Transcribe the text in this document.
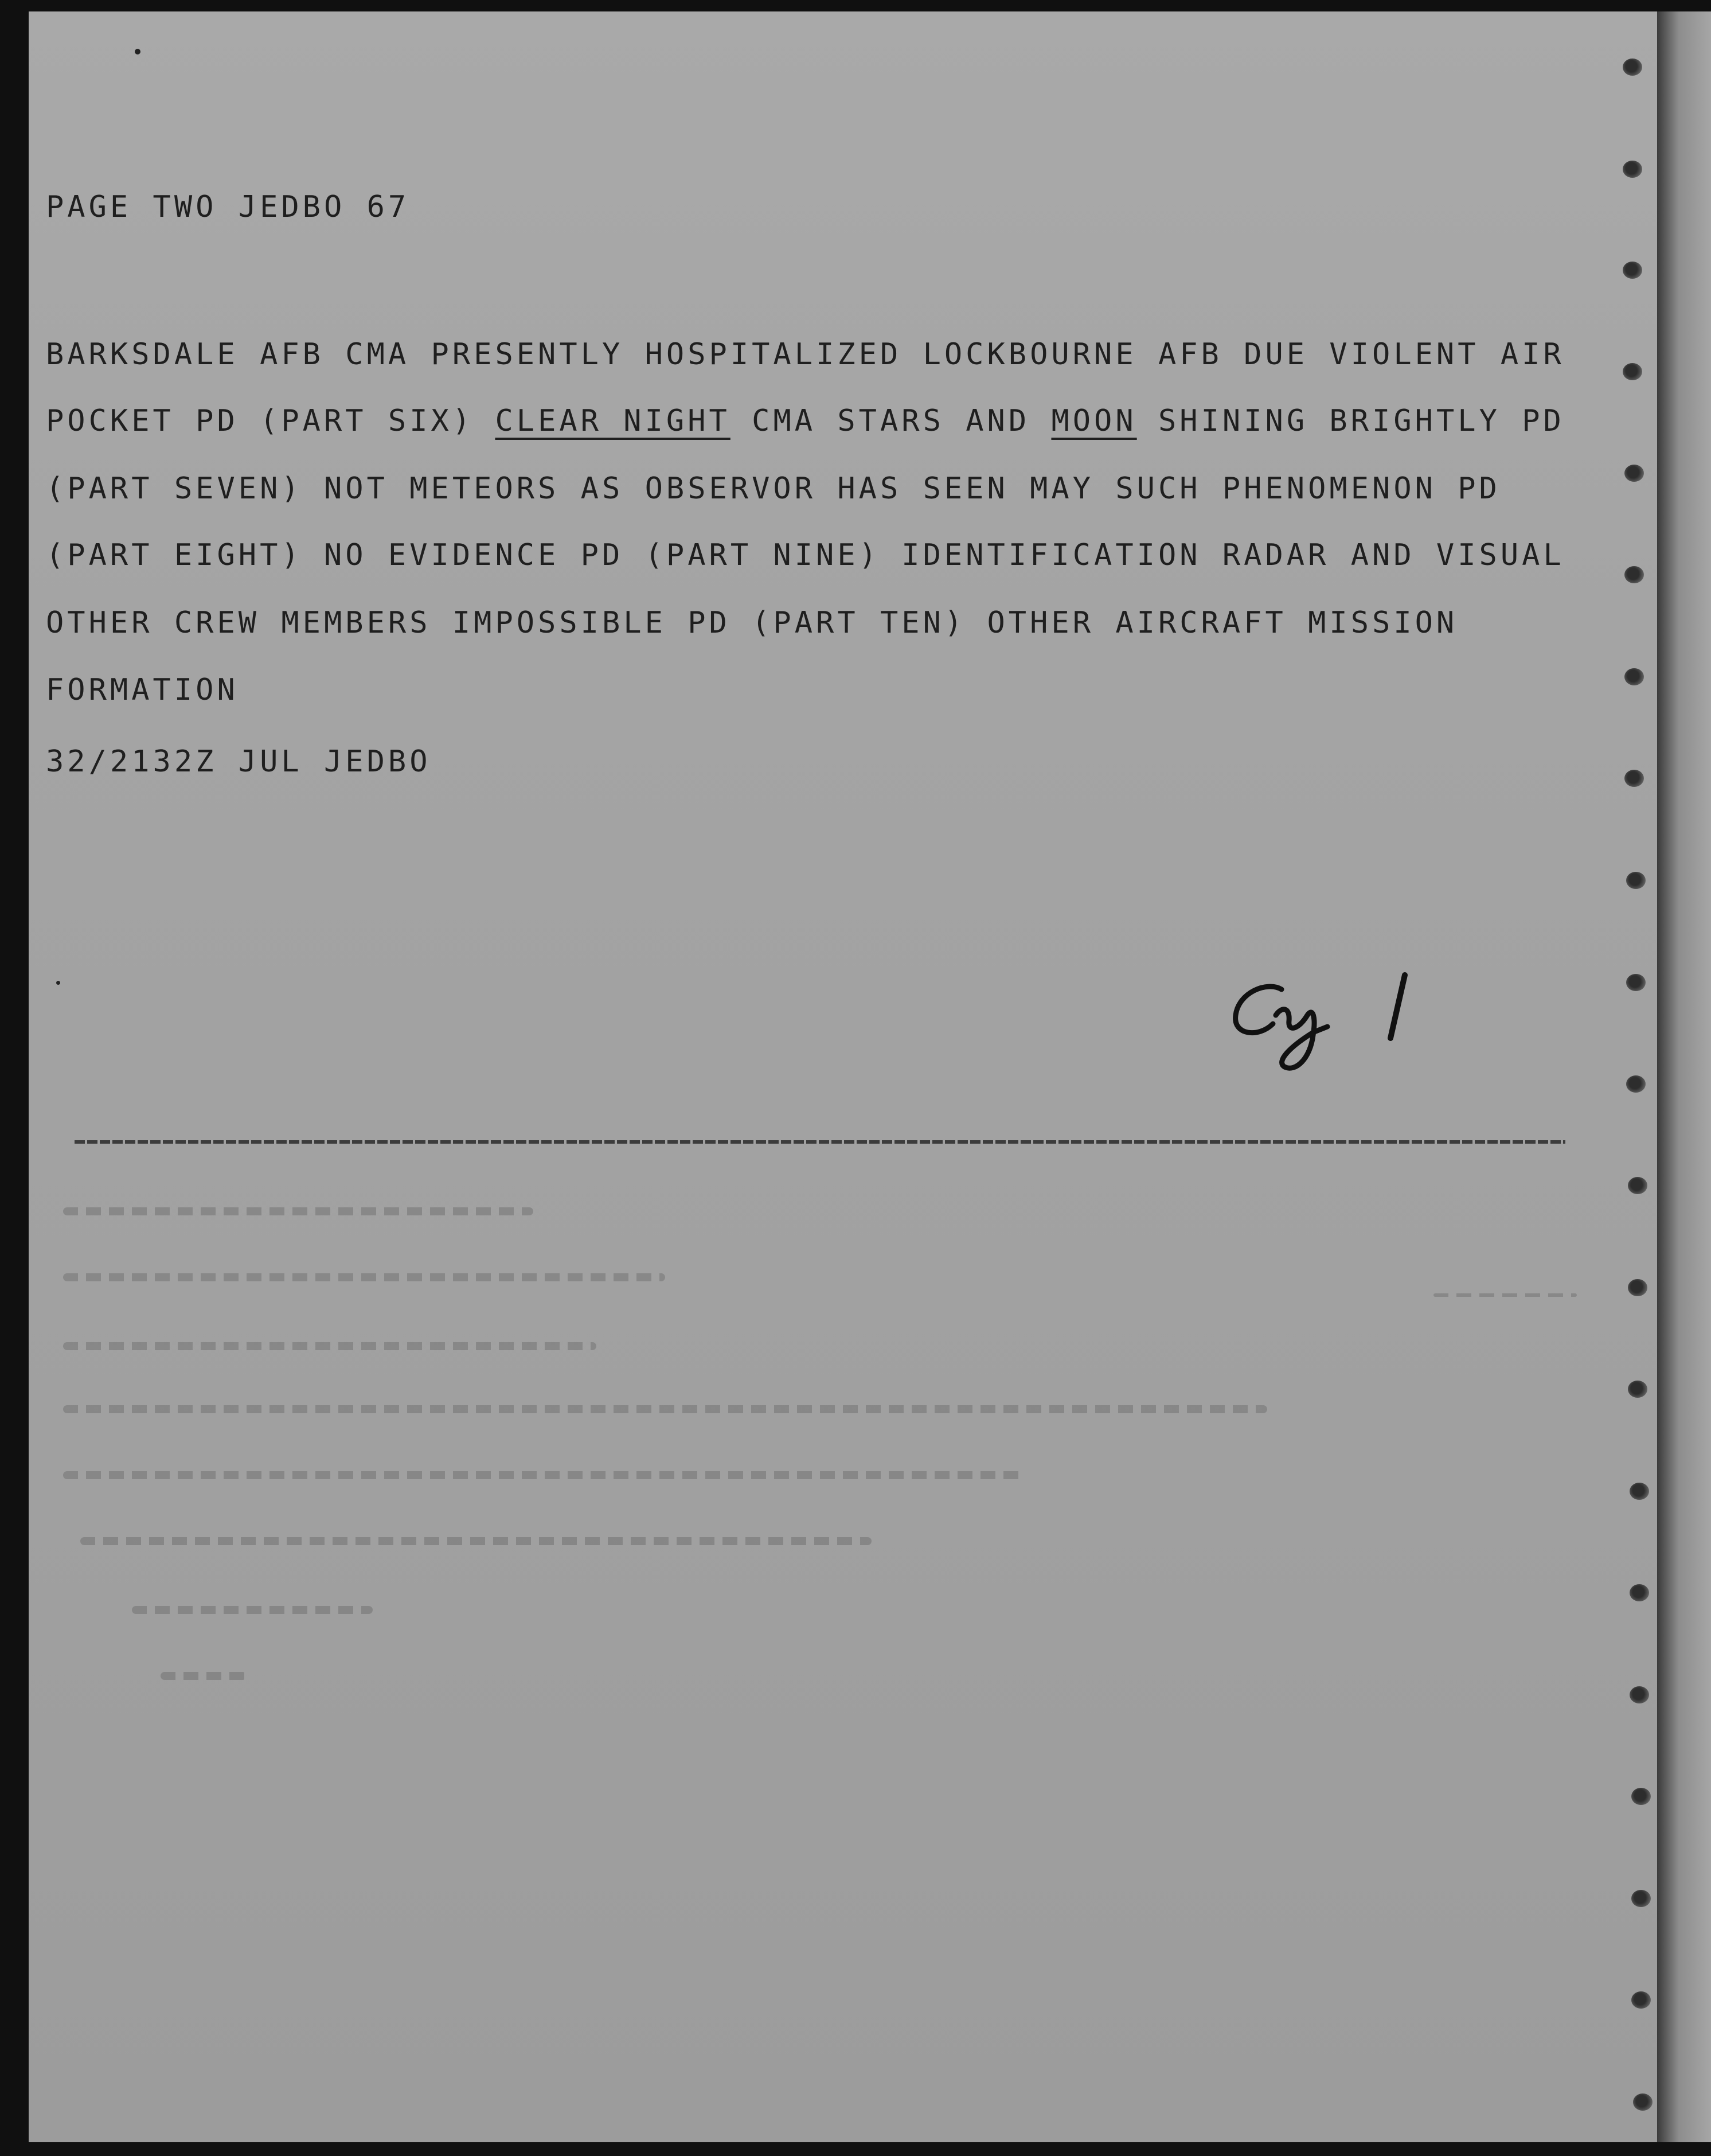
PAGE TWO JEDBO 67
BARKSDALE AFB CMA PRESENTLY HOSPITALIZED LOCKBOURNE AFB DUE VIOLENT AIR
POCKET PD (PART SIX) CLEAR NIGHT CMA STARS AND MOON SHINING BRIGHTLY PD
(PART SEVEN) NOT METEORS AS OBSERVOR HAS SEEN MAY SUCH PHENOMENON PD
(PART EIGHT) NO EVIDENCE PD (PART NINE) IDENTIFICATION RADAR AND VISUAL
OTHER CREW MEMBERS IMPOSSIBLE PD (PART TEN) OTHER AIRCRAFT MISSION
FORMATION
32/2132Z JUL JEDBO
